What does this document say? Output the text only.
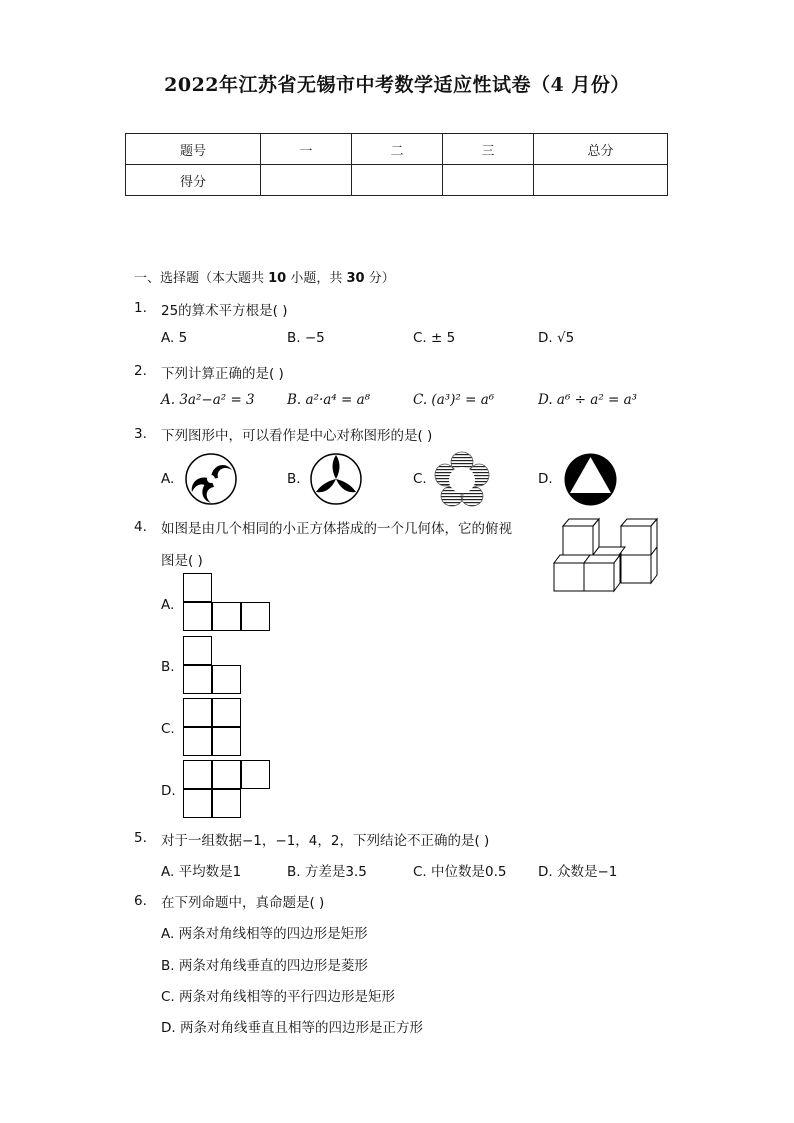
2022年江苏省无锡市中考数学适应性试卷（4 月份）
题号	一	二	三	总分
得分				
一、选择题（本大题共 10 小题，共 30 分）
1. 25的算术平方根是( )
A. 5	B. −5	C. ± 5	D. √5
2. 下列计算正确的是( )
A. 3a²−a² = 3 B. a²·a⁴ = a⁸	C. (a³)² = a⁶	D. a⁶ ÷ a² = a³
3. 下列图形中，可以看作是中心对称图形的是( )
A.	B.	C.	D.
4. 如图是由几个相同的小正方体搭成的一个几何体，它的俯视
图是( )
A.
B.
C.
D.
5. 对于一组数据−1，−1，4，2，下列结论不正确的是( )
A. 平均数是1	B. 方差是3.5	C. 中位数是0.5 D. 众数是−1
6. 在下列命题中，真命题是( )
A. 两条对角线相等的四边形是矩形
B. 两条对角线垂直的四边形是菱形
C. 两条对角线相等的平行四边形是矩形
D. 两条对角线垂直且相等的四边形是正方形
